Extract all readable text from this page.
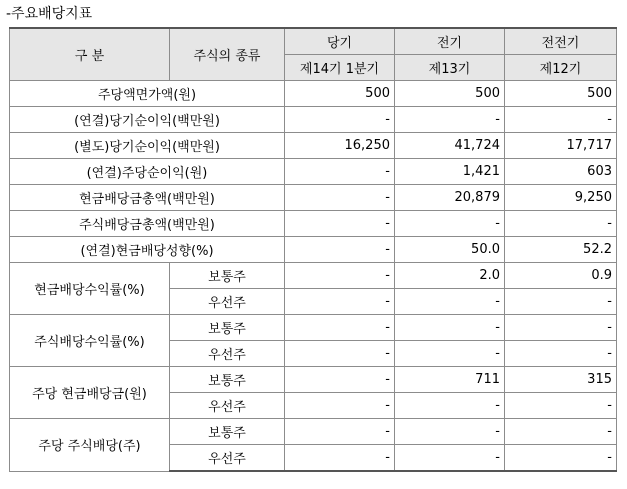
-주요배당지표
구 분	주식의 종류	당기	전기	전전기
		제14기 1분기	제13기	제12기
주당액면가액(원)		500	500	500
(연결)당기순이익(백만원)		-	-	-
(별도)당기순이익(백만원)		16,250	41,724	17,717
(연결)주당순이익(원)		-	1,421	603
현금배당금총액(백만원)		-	20,879	9,250
주식배당금총액(백만원)		-	-	-
(연결)현금배당성향(%)		-	50.0	52.2
현금배당수익률(%)	보통주	-	2.0	0.9
	우선주	-	-	-
주식배당수익률(%)	보통주	-	-	-
	우선주	-	-	-
주당 현금배당금(원)	보통주	-	711	315
	우선주	-	-	-
주당 주식배당(주)	보통주	-	-	-
	우선주	-	-	-
